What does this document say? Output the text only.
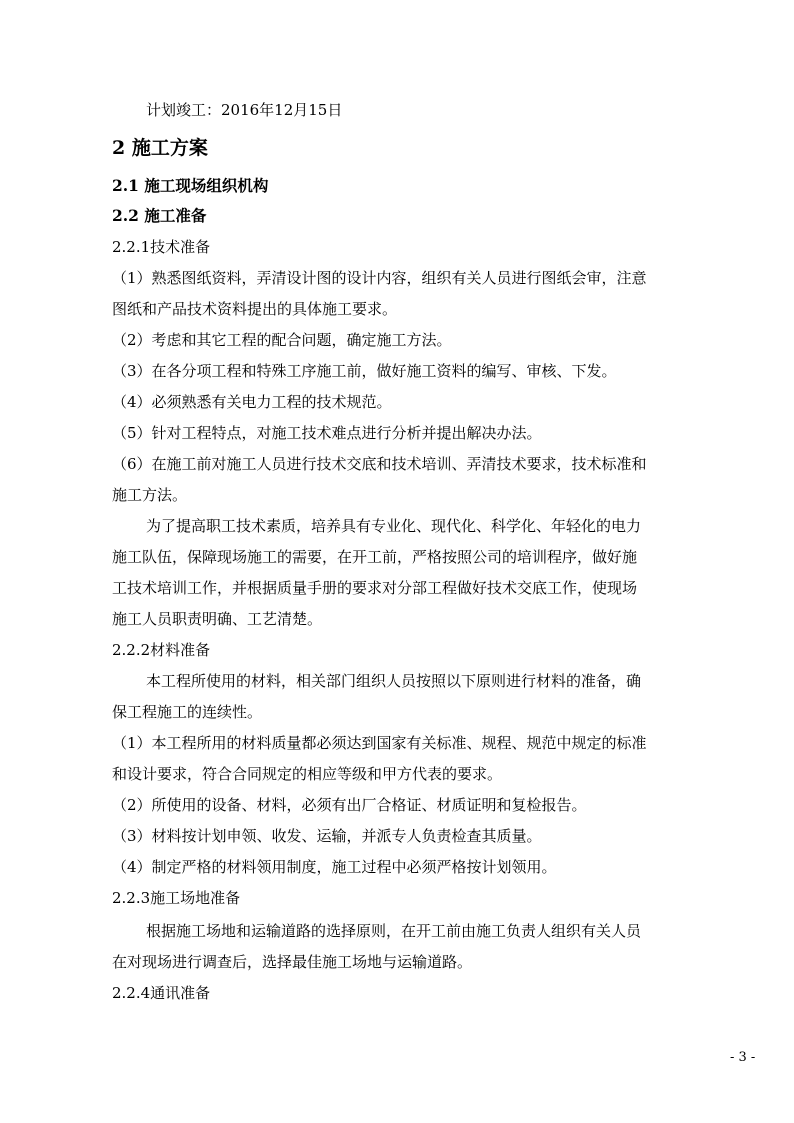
计划竣工：2016年12月15日
2 施工方案
2.1 施工现场组织机构
2.2 施工准备
2.2.1技术准备
（1）熟悉图纸资料，弄清设计图的设计内容，组织有关人员进行图纸会审，注意
图纸和产品技术资料提出的具体施工要求。
（2）考虑和其它工程的配合问题，确定施工方法。
（3）在各分项工程和特殊工序施工前，做好施工资料的编写、审核、下发。
（4）必须熟悉有关电力工程的技术规范。
（5）针对工程特点，对施工技术难点进行分析并提出解决办法。
（6）在施工前对施工人员进行技术交底和技术培训、弄清技术要求，技术标准和
施工方法。
为了提高职工技术素质，培养具有专业化、现代化、科学化、年轻化的电力
施工队伍，保障现场施工的需要，在开工前，严格按照公司的培训程序，做好施
工技术培训工作，并根据质量手册的要求对分部工程做好技术交底工作，使现场
施工人员职责明确、工艺清楚。
2.2.2材料准备
本工程所使用的材料，相关部门组织人员按照以下原则进行材料的准备，确
保工程施工的连续性。
（1）本工程所用的材料质量都必须达到国家有关标准、规程、规范中规定的标准
和设计要求，符合合同规定的相应等级和甲方代表的要求。
（2）所使用的设备、材料，必须有出厂合格证、材质证明和复检报告。
（3）材料按计划申领、收发、运输，并派专人负责检查其质量。
（4）制定严格的材料领用制度，施工过程中必须严格按计划领用。
2.2.3施工场地准备
根据施工场地和运输道路的选择原则，在开工前由施工负责人组织有关人员
在对现场进行调查后，选择最佳施工场地与运输道路。
2.2.4通讯准备
- 3 -
